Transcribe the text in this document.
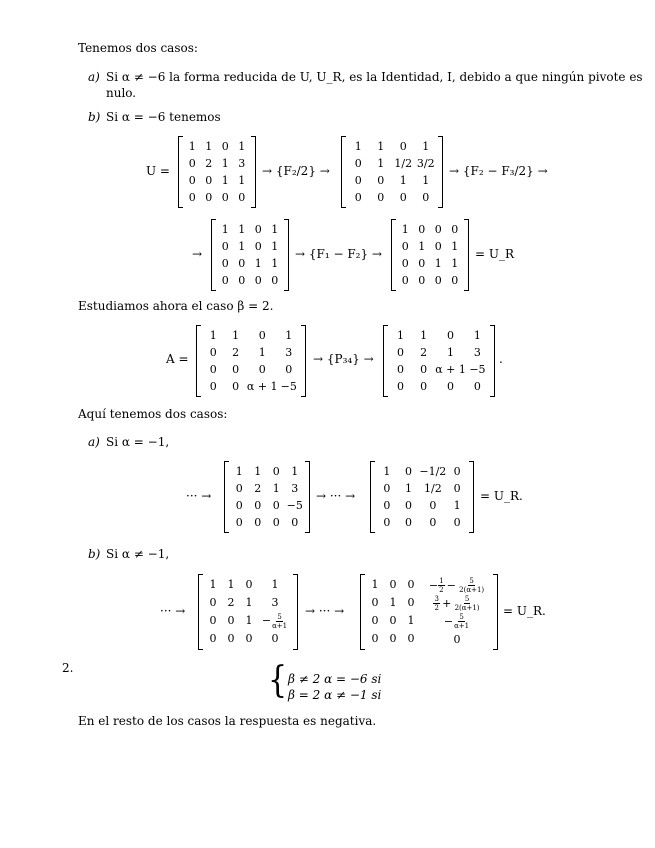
Tenemos dos casos:
a) Si α ≠ −6 la forma reducida de U, U_R, es la Identidad, I, debido a que ningún pivote es
nulo.
b) Si α = −6 tenemos
U =
1 1 0 1
0 2 1 3
0 0 1 1
0 0 0 0
→ {F₂/2} →
1 1 0 1
0 1 1/2 3/2
0 0 1 1
0 0 0 0
→ {F₂ − F₃/2} →
→
1 1 0 1
0 1 0 1
0 0 1 1
0 0 0 0
→ {F₁ − F₂} →
1 0 0 0
0 1 0 1
0 0 1 1
0 0 0 0
= U_R
Estudiamos ahora el caso β = 2.
A =
1 1 0 1
0 2 1 3
0 0 0 0
0 0 α + 1 −5
→ {P₃₄} →
1 1 0 1
0 2 1 3
0 0 α + 1 −5
0 0 0 0
.
Aquí tenemos dos casos:
a) Si α = −1,
··· →
1 1 0 1
0 2 1 3
0 0 0 −5
0 0 0 0
→ ··· →
1 0 −1/2 0
0 1 1/2 0
0 0 0 1
0 0 0 0
= U_R.
b) Si α ≠ −1,
··· →
1 1 0 1
0 2 1 3
0 0 $1 - \frac{5}{\alpha+1}$
0 0 0 0
→ ··· →
1 0 0
0 1 0
0 0 1
0 0 0
− $\frac{1}{2}$
  −  $\frac{5}{2(\alpha+1)}$
$\frac{3}{2}$
  +  $\frac{5}{2(\alpha+1)}$
− $\frac{5}{\alpha+1}$
0
= U_R.
2.	{ β ≠ 2 α = −6 si
β = 2 α ≠ −1 si
En el resto de los casos la respuesta es negativa.
